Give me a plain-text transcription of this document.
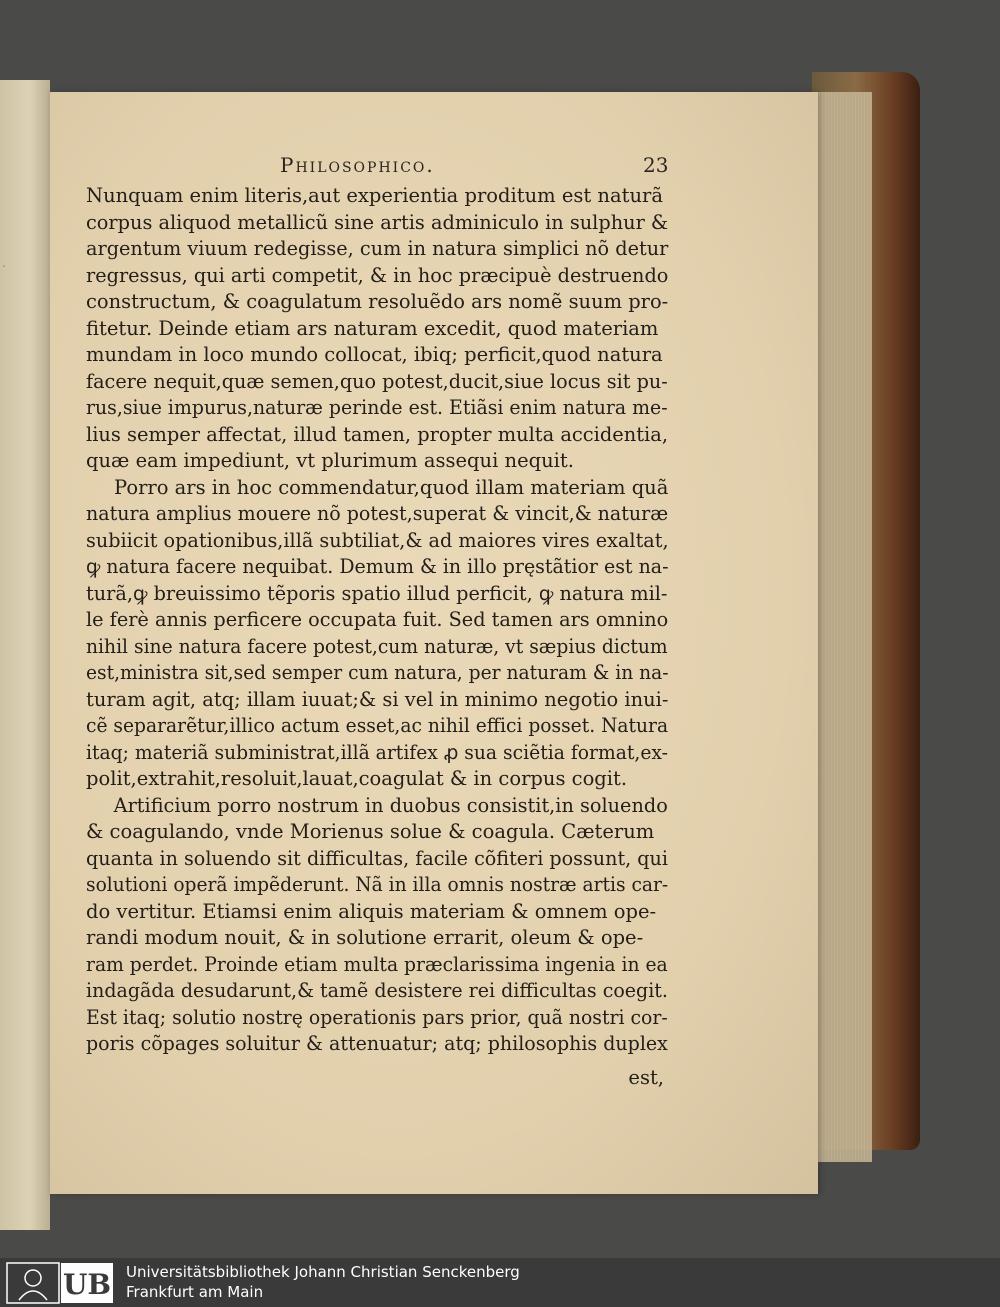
.
Philosophico.	23
Nunquam enim literis,aut experientia proditum est naturã
corpus aliquod metallicũ sine artis adminiculo in sulphur &
argentum viuum redegisse, cum in natura simplici nõ detur
regressus, qui arti competit, & in hoc præcipuè destruendo
constructum, & coagulatum resoluẽdo ars nomẽ suum pro-
fitetur. Deinde etiam ars naturam excedit, quod materiam
mundam in loco mundo collocat, ibiq; perficit,quod natura
facere nequit,quæ semen,quo potest,ducit,siue locus sit pu-
rus,siue impurus,naturæ perinde est. Etiãsi enim natura me-
lius semper affectat, illud tamen, propter multa accidentia,
quæ eam impediunt, vt plurimum assequi nequit.
Porro ars in hoc commendatur,quod illam materiam quã
natura amplius mouere nõ potest,superat & vincit,& naturæ
subiicit opationibus,illã subtiliat,& ad maiores vires exaltat,
ꝙ natura facere nequibat. Demum & in illo pręstãtior est na-
turã,ꝙ breuissimo tẽporis spatio illud perficit, ꝙ natura mil-
le ferè annis perficere occupata fuit. Sed tamen ars omnino
nihil sine natura facere potest,cum naturæ, vt sæpius dictum
est,ministra sit,sed semper cum natura, per naturam & in na-
turam agit, atq; illam iuuat;& si vel in minimo negotio inui-
cẽ separarẽtur,illico actum esset,ac nihil effici posset. Natura
itaq; materiã subministrat,illã artifex ꝓ sua sciẽtia format,ex-
polit,extrahit,resoluit,lauat,coagulat & in corpus cogit.
Artificium porro nostrum in duobus consistit,in soluendo
& coagulando, vnde Morienus solue & coagula. Cæterum
quanta in soluendo sit difficultas, facile cõfiteri possunt, qui
solutioni operã impẽderunt. Nã in illa omnis nostræ artis car-
do vertitur. Etiamsi enim aliquis materiam & omnem ope-
randi modum nouit, & in solutione errarit, oleum & ope-
ram perdet. Proinde etiam multa præclarissima ingenia in ea
indagãda desudarunt,& tamẽ desistere rei difficultas coegit.
Est itaq; solutio nostrę operationis pars prior, quã nostri cor-
poris cõpages soluitur & attenuatur; atq; philosophis duplex
est,
UB Universitätsbibliothek Johann Christian Senckenberg
Frankfurt am Main
